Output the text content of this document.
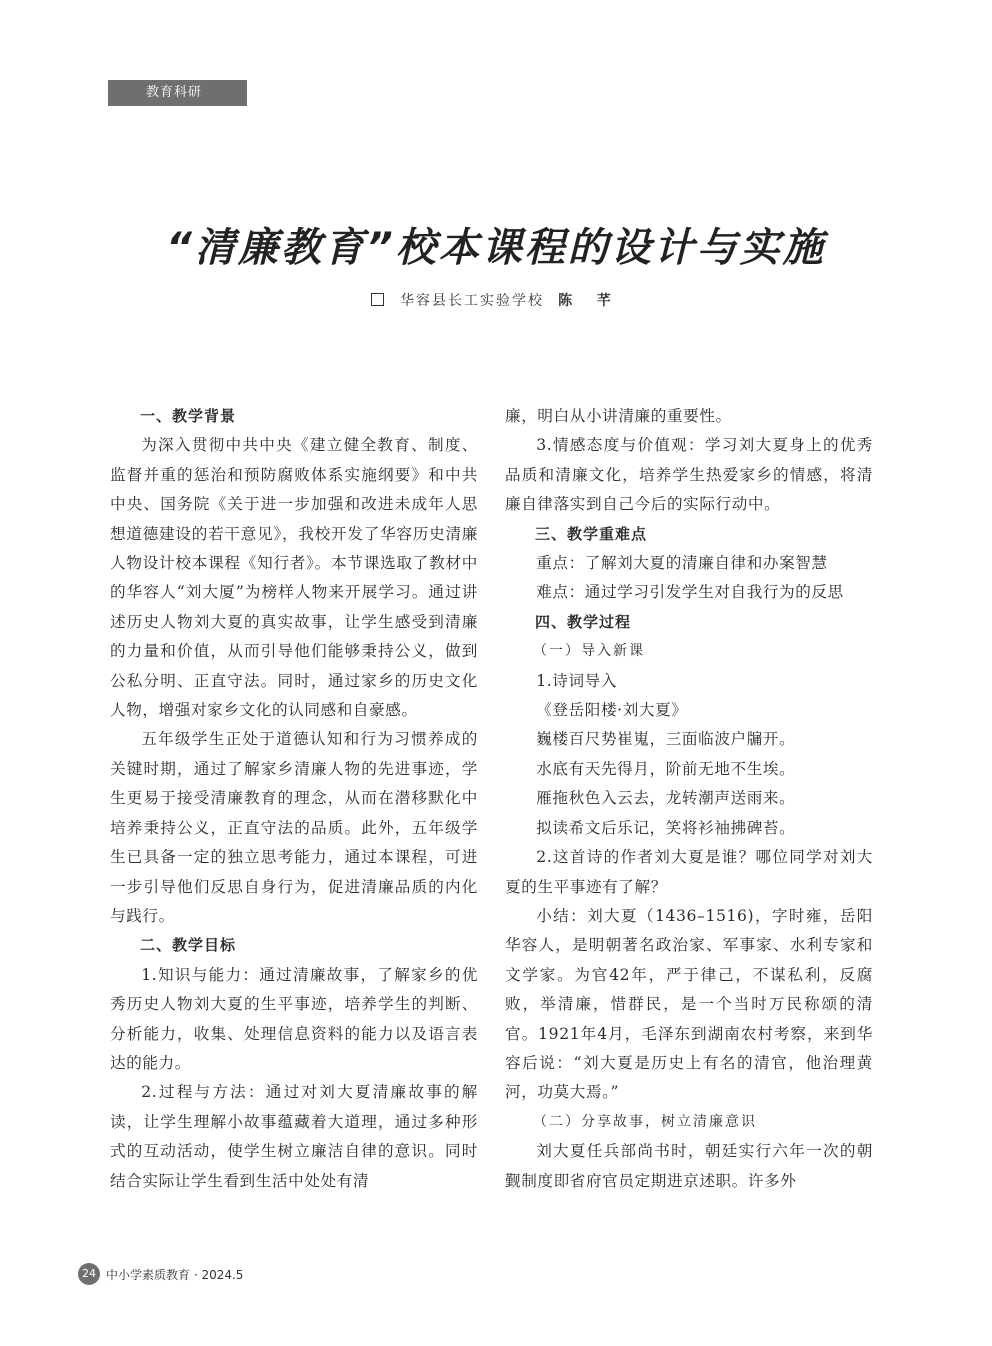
教育科研
“清廉教育”校本课程的设计与实施
华容县长工实验学校 陈 芊

一、教学背景

为深入贯彻中共中央《建立健全教育、制度、监督并重的惩治和预防腐败体系实施纲要》和中共中央、国务院《关于进一步加强和改进未成年人思想道德建设的若干意见》，我校开发了华容历史清廉人物设计校本课程《知行者》。本节课选取了教材中的华容人“刘大厦”为榜样人物来开展学习。通过讲述历史人物刘大夏的真实故事，让学生感受到清廉的力量和价值，从而引导他们能够秉持公义，做到公私分明、正直守法。同时，通过家乡的历史文化人物，增强对家乡文化的认同感和自豪感。

五年级学生正处于道德认知和行为习惯养成的关键时期，通过了解家乡清廉人物的先进事迹，学生更易于接受清廉教育的理念，从而在潜移默化中培养秉持公义，正直守法的品质。此外，五年级学生已具备一定的独立思考能力，通过本课程，可进一步引导他们反思自身行为，促进清廉品质的内化与践行。

二、教学目标

1.知识与能力：通过清廉故事，了解家乡的优秀历史人物刘大夏的生平事迹，培养学生的判断、分析能力，收集、处理信息资料的能力以及语言表达的能力。

2.过程与方法：通过对刘大夏清廉故事的解读，让学生理解小故事蕴藏着大道理，通过多种形式的互动活动，使学生树立廉洁自律的意识。同时结合实际让学生看到生活中处处有清

廉，明白从小讲清廉的重要性。

3.情感态度与价值观：学习刘大夏身上的优秀品质和清廉文化，培养学生热爱家乡的情感，将清廉自律落实到自己今后的实际行动中。

三、教学重难点

重点：了解刘大夏的清廉自律和办案智慧

难点：通过学习引发学生对自我行为的反思

四、教学过程

（一）导入新课

1.诗词导入

《登岳阳楼·刘大夏》

巍楼百尺势崔嵬，三面临波户牖开。

水底有天先得月，阶前无地不生埃。

雁拖秋色入云去，龙转潮声送雨来。

拟读希文后乐记，笑将衫袖拂碑苔。

2.这首诗的作者刘大夏是谁？哪位同学对刘大夏的生平事迹有了解？

小结：刘大夏（1436–1516)，字时雍，岳阳华容人，是明朝著名政治家、军事家、水利专家和文学家。为官42年，严于律己，不谋私利，反腐败，举清廉，惜群民，是一个当时万民称颂的清官。1921年4月，毛泽东到湖南农村考察，来到华容后说：“刘大夏是历史上有名的清官，他治理黄河，功莫大焉。”

（二）分享故事，树立清廉意识

刘大夏任兵部尚书时，朝廷实行六年一次的朝觐制度即省府官员定期进京述职。许多外

24 中小学素质教育 · 2024.5
